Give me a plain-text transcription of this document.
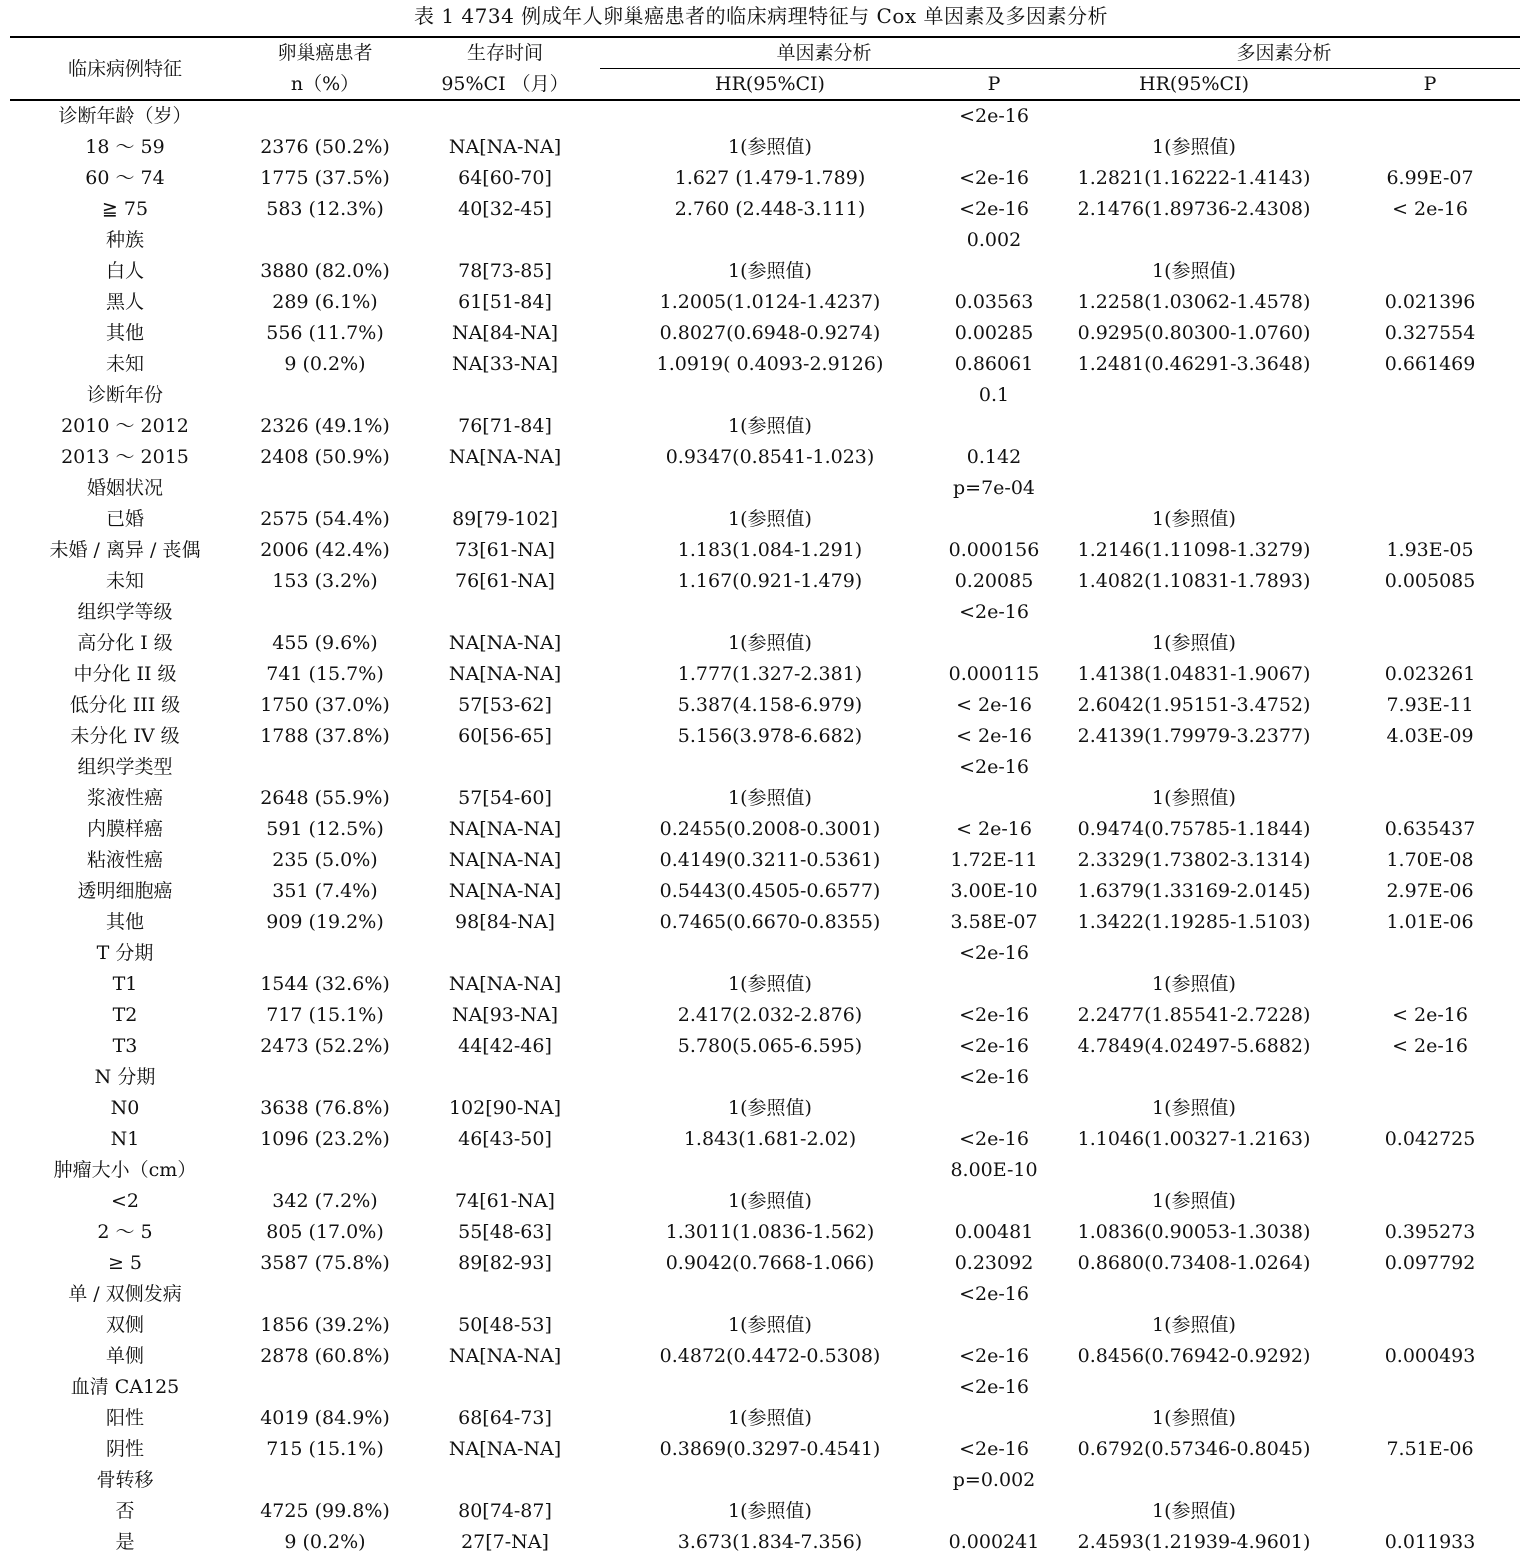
表 1 4734 例成年人卵巢癌患者的临床病理特征与 Cox 单因素及多因素分析
临床病例特征	卵巢癌患者	生存时间	单因素分析		多因素分析	
	n（%）	95%CI （月）	HR(95%CI)	P	HR(95%CI)	P
诊断年龄（岁）				<2e-16		
18 ～ 59	2376 (50.2%)	NA[NA-NA]	1(参照值)		1(参照值)	
60 ～ 74	1775 (37.5%)	64[60-70]	1.627 (1.479-1.789)	<2e-16	1.2821(1.16222-1.4143)	6.99E-07
≧ 75	583 (12.3%)	40[32-45]	2.760 (2.448-3.111)	<2e-16	2.1476(1.89736-2.4308)	< 2e-16
种族				0.002		
白人	3880 (82.0%)	78[73-85]	1(参照值)		1(参照值)	
黑人	289 (6.1%)	61[51-84]	1.2005(1.0124-1.4237)	0.03563	1.2258(1.03062-1.4578)	0.021396
其他	556 (11.7%)	NA[84-NA]	0.8027(0.6948-0.9274)	0.00285	0.9295(0.80300-1.0760)	0.327554
未知	9 (0.2%)	NA[33-NA]	1.0919( 0.4093-2.9126)	0.86061	1.2481(0.46291-3.3648)	0.661469
诊断年份				0.1		
2010 ～ 2012	2326 (49.1%)	76[71-84]	1(参照值)			
2013 ～ 2015	2408 (50.9%)	NA[NA-NA]	0.9347(0.8541-1.023)	0.142		
婚姻状况				p=7e-04		
已婚	2575 (54.4%)	89[79-102]	1(参照值)		1(参照值)	
未婚 / 离异 / 丧偶	2006 (42.4%)	73[61-NA]	1.183(1.084-1.291)	0.000156	1.2146(1.11098-1.3279)	1.93E-05
未知	153 (3.2%)	76[61-NA]	1.167(0.921-1.479)	0.20085	1.4082(1.10831-1.7893)	0.005085
组织学等级				<2e-16		
高分化 I 级	455 (9.6%)	NA[NA-NA]	1(参照值)		1(参照值)	
中分化 II 级	741 (15.7%)	NA[NA-NA]	1.777(1.327-2.381)	0.000115	1.4138(1.04831-1.9067)	0.023261
低分化 III 级	1750 (37.0%)	57[53-62]	5.387(4.158-6.979)	< 2e-16	2.6042(1.95151-3.4752)	7.93E-11
未分化 IV 级	1788 (37.8%)	60[56-65]	5.156(3.978-6.682)	< 2e-16	2.4139(1.79979-3.2377)	4.03E-09
组织学类型				<2e-16		
浆液性癌	2648 (55.9%)	57[54-60]	1(参照值)		1(参照值)	
内膜样癌	591 (12.5%)	NA[NA-NA]	0.2455(0.2008-0.3001)	< 2e-16	0.9474(0.75785-1.1844)	0.635437
粘液性癌	235 (5.0%)	NA[NA-NA]	0.4149(0.3211-0.5361)	1.72E-11	2.3329(1.73802-3.1314)	1.70E-08
透明细胞癌	351 (7.4%)	NA[NA-NA]	0.5443(0.4505-0.6577)	3.00E-10	1.6379(1.33169-2.0145)	2.97E-06
其他	909 (19.2%)	98[84-NA]	0.7465(0.6670-0.8355)	3.58E-07	1.3422(1.19285-1.5103)	1.01E-06
T 分期				<2e-16		
T1	1544 (32.6%)	NA[NA-NA]	1(参照值)		1(参照值)	
T2	717 (15.1%)	NA[93-NA]	2.417(2.032-2.876)	<2e-16	2.2477(1.85541-2.7228)	< 2e-16
T3	2473 (52.2%)	44[42-46]	5.780(5.065-6.595)	<2e-16	4.7849(4.02497-5.6882)	< 2e-16
N 分期				<2e-16		
N0	3638 (76.8%)	102[90-NA]	1(参照值)		1(参照值)	
N1	1096 (23.2%)	46[43-50]	1.843(1.681-2.02)	<2e-16	1.1046(1.00327-1.2163)	0.042725
肿瘤大小（cm）				8.00E-10		
<2	342 (7.2%)	74[61-NA]	1(参照值)		1(参照值)	
2 ～ 5	805 (17.0%)	55[48-63]	1.3011(1.0836-1.562)	0.00481	1.0836(0.90053-1.3038)	0.395273
≥ 5	3587 (75.8%)	89[82-93]	0.9042(0.7668-1.066)	0.23092	0.8680(0.73408-1.0264)	0.097792
单 / 双侧发病				<2e-16		
双侧	1856 (39.2%)	50[48-53]	1(参照值)		1(参照值)	
单侧	2878 (60.8%)	NA[NA-NA]	0.4872(0.4472-0.5308)	<2e-16	0.8456(0.76942-0.9292)	0.000493
血清 CA125				<2e-16		
阳性	4019 (84.9%)	68[64-73]	1(参照值)		1(参照值)	
阴性	715 (15.1%)	NA[NA-NA]	0.3869(0.3297-0.4541)	<2e-16	0.6792(0.57346-0.8045)	7.51E-06
骨转移				p=0.002		
否	4725 (99.8%)	80[74-87]	1(参照值)		1(参照值)	
是	9 (0.2%)	27[7-NA]	3.673(1.834-7.356)	0.000241	2.4593(1.21939-4.9601)	0.011933
